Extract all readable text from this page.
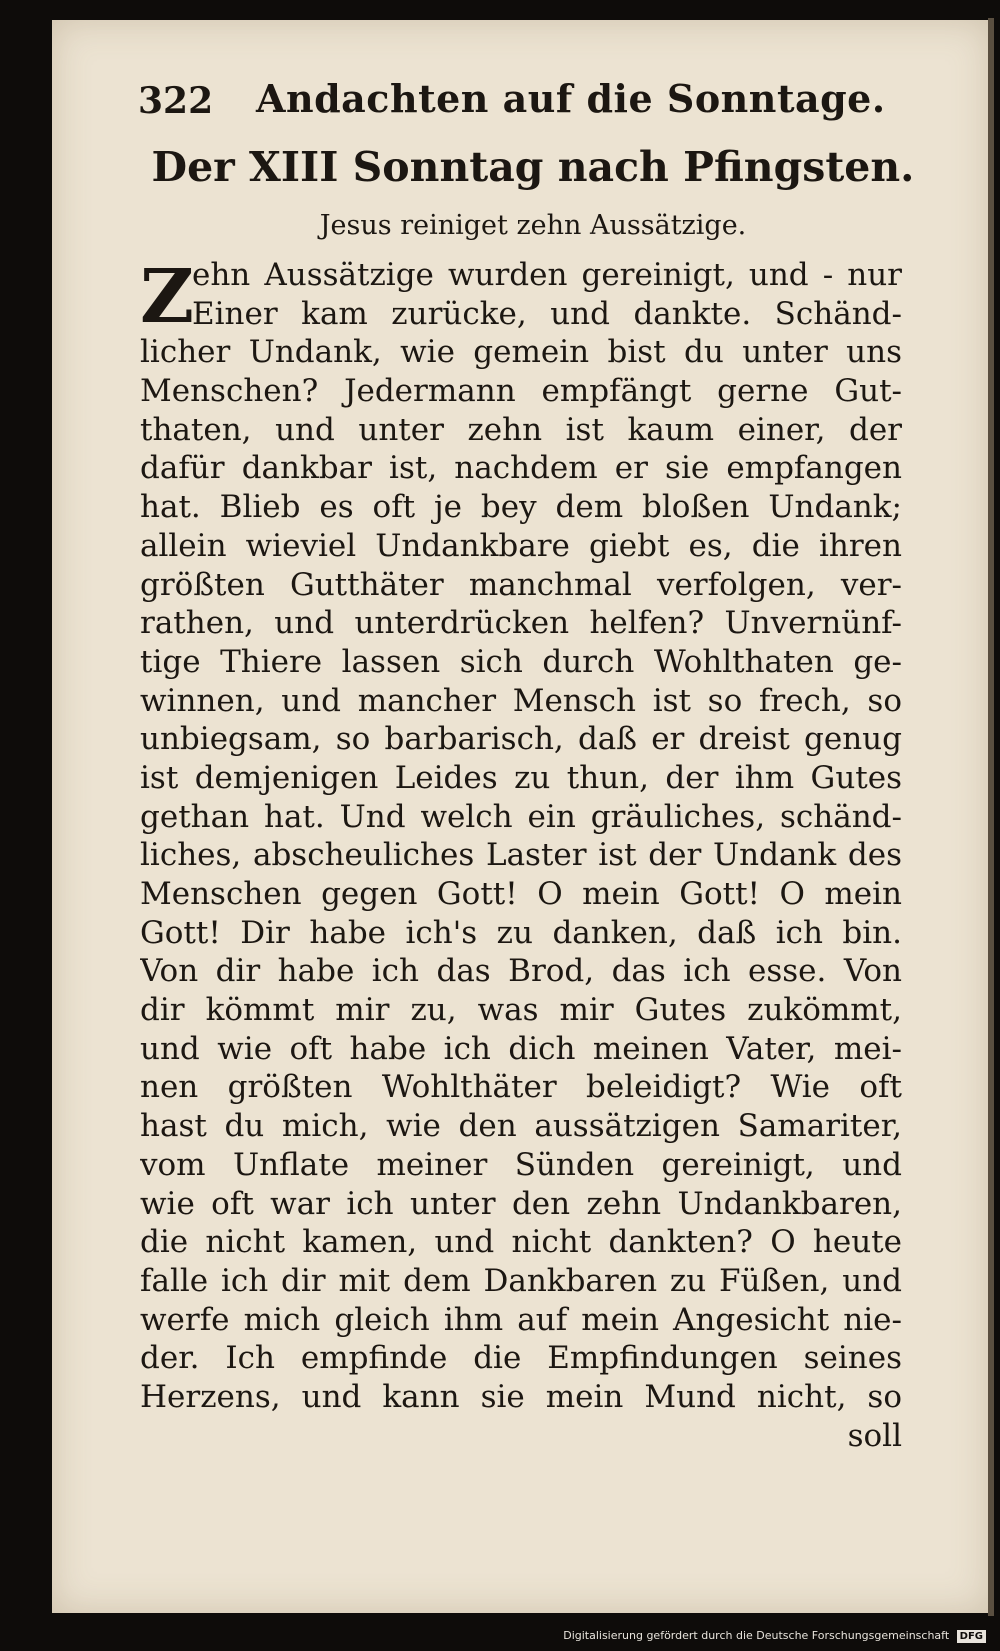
322 Andachten auf die Sonntage.
Der XIII Sonntag nach Pfingsten.
Jesus reiniget zehn Aussätzige.
Z
ehn Aussätzige wurden gereinigt, und - nur
Einer kam zurücke, und dankte. Schänd-
licher Undank, wie gemein bist du unter uns
Menschen? Jedermann empfängt gerne Gut-
thaten, und unter zehn ist kaum einer, der
dafür dankbar ist, nachdem er sie empfangen
hat. Blieb es oft je bey dem bloßen Undank;
allein wieviel Undankbare giebt es, die ihren
größten Gutthäter manchmal verfolgen, ver-
rathen, und unterdrücken helfen? Unvernünf-
tige Thiere lassen sich durch Wohlthaten ge-
winnen, und mancher Mensch ist so frech, so
unbiegsam, so barbarisch, daß er dreist genug
ist demjenigen Leides zu thun, der ihm Gutes
gethan hat. Und welch ein gräuliches, schänd-
liches, abscheuliches Laster ist der Undank des
Menschen gegen Gott! O mein Gott! O mein
Gott! Dir habe ich's zu danken, daß ich bin.
Von dir habe ich das Brod, das ich esse. Von
dir kömmt mir zu, was mir Gutes zukömmt,
und wie oft habe ich dich meinen Vater, mei-
nen größten Wohlthäter beleidigt? Wie oft
hast du mich, wie den aussätzigen Samariter,
vom Unflate meiner Sünden gereinigt, und
wie oft war ich unter den zehn Undankbaren,
die nicht kamen, und nicht dankten? O heute
falle ich dir mit dem Dankbaren zu Füßen, und
werfe mich gleich ihm auf mein Angesicht nie-
der. Ich empfinde die Empfindungen seines
Herzens, und kann sie mein Mund nicht, so
soll
Digitalisierung gefördert durch die Deutsche Forschungsgemeinschaft DFG
